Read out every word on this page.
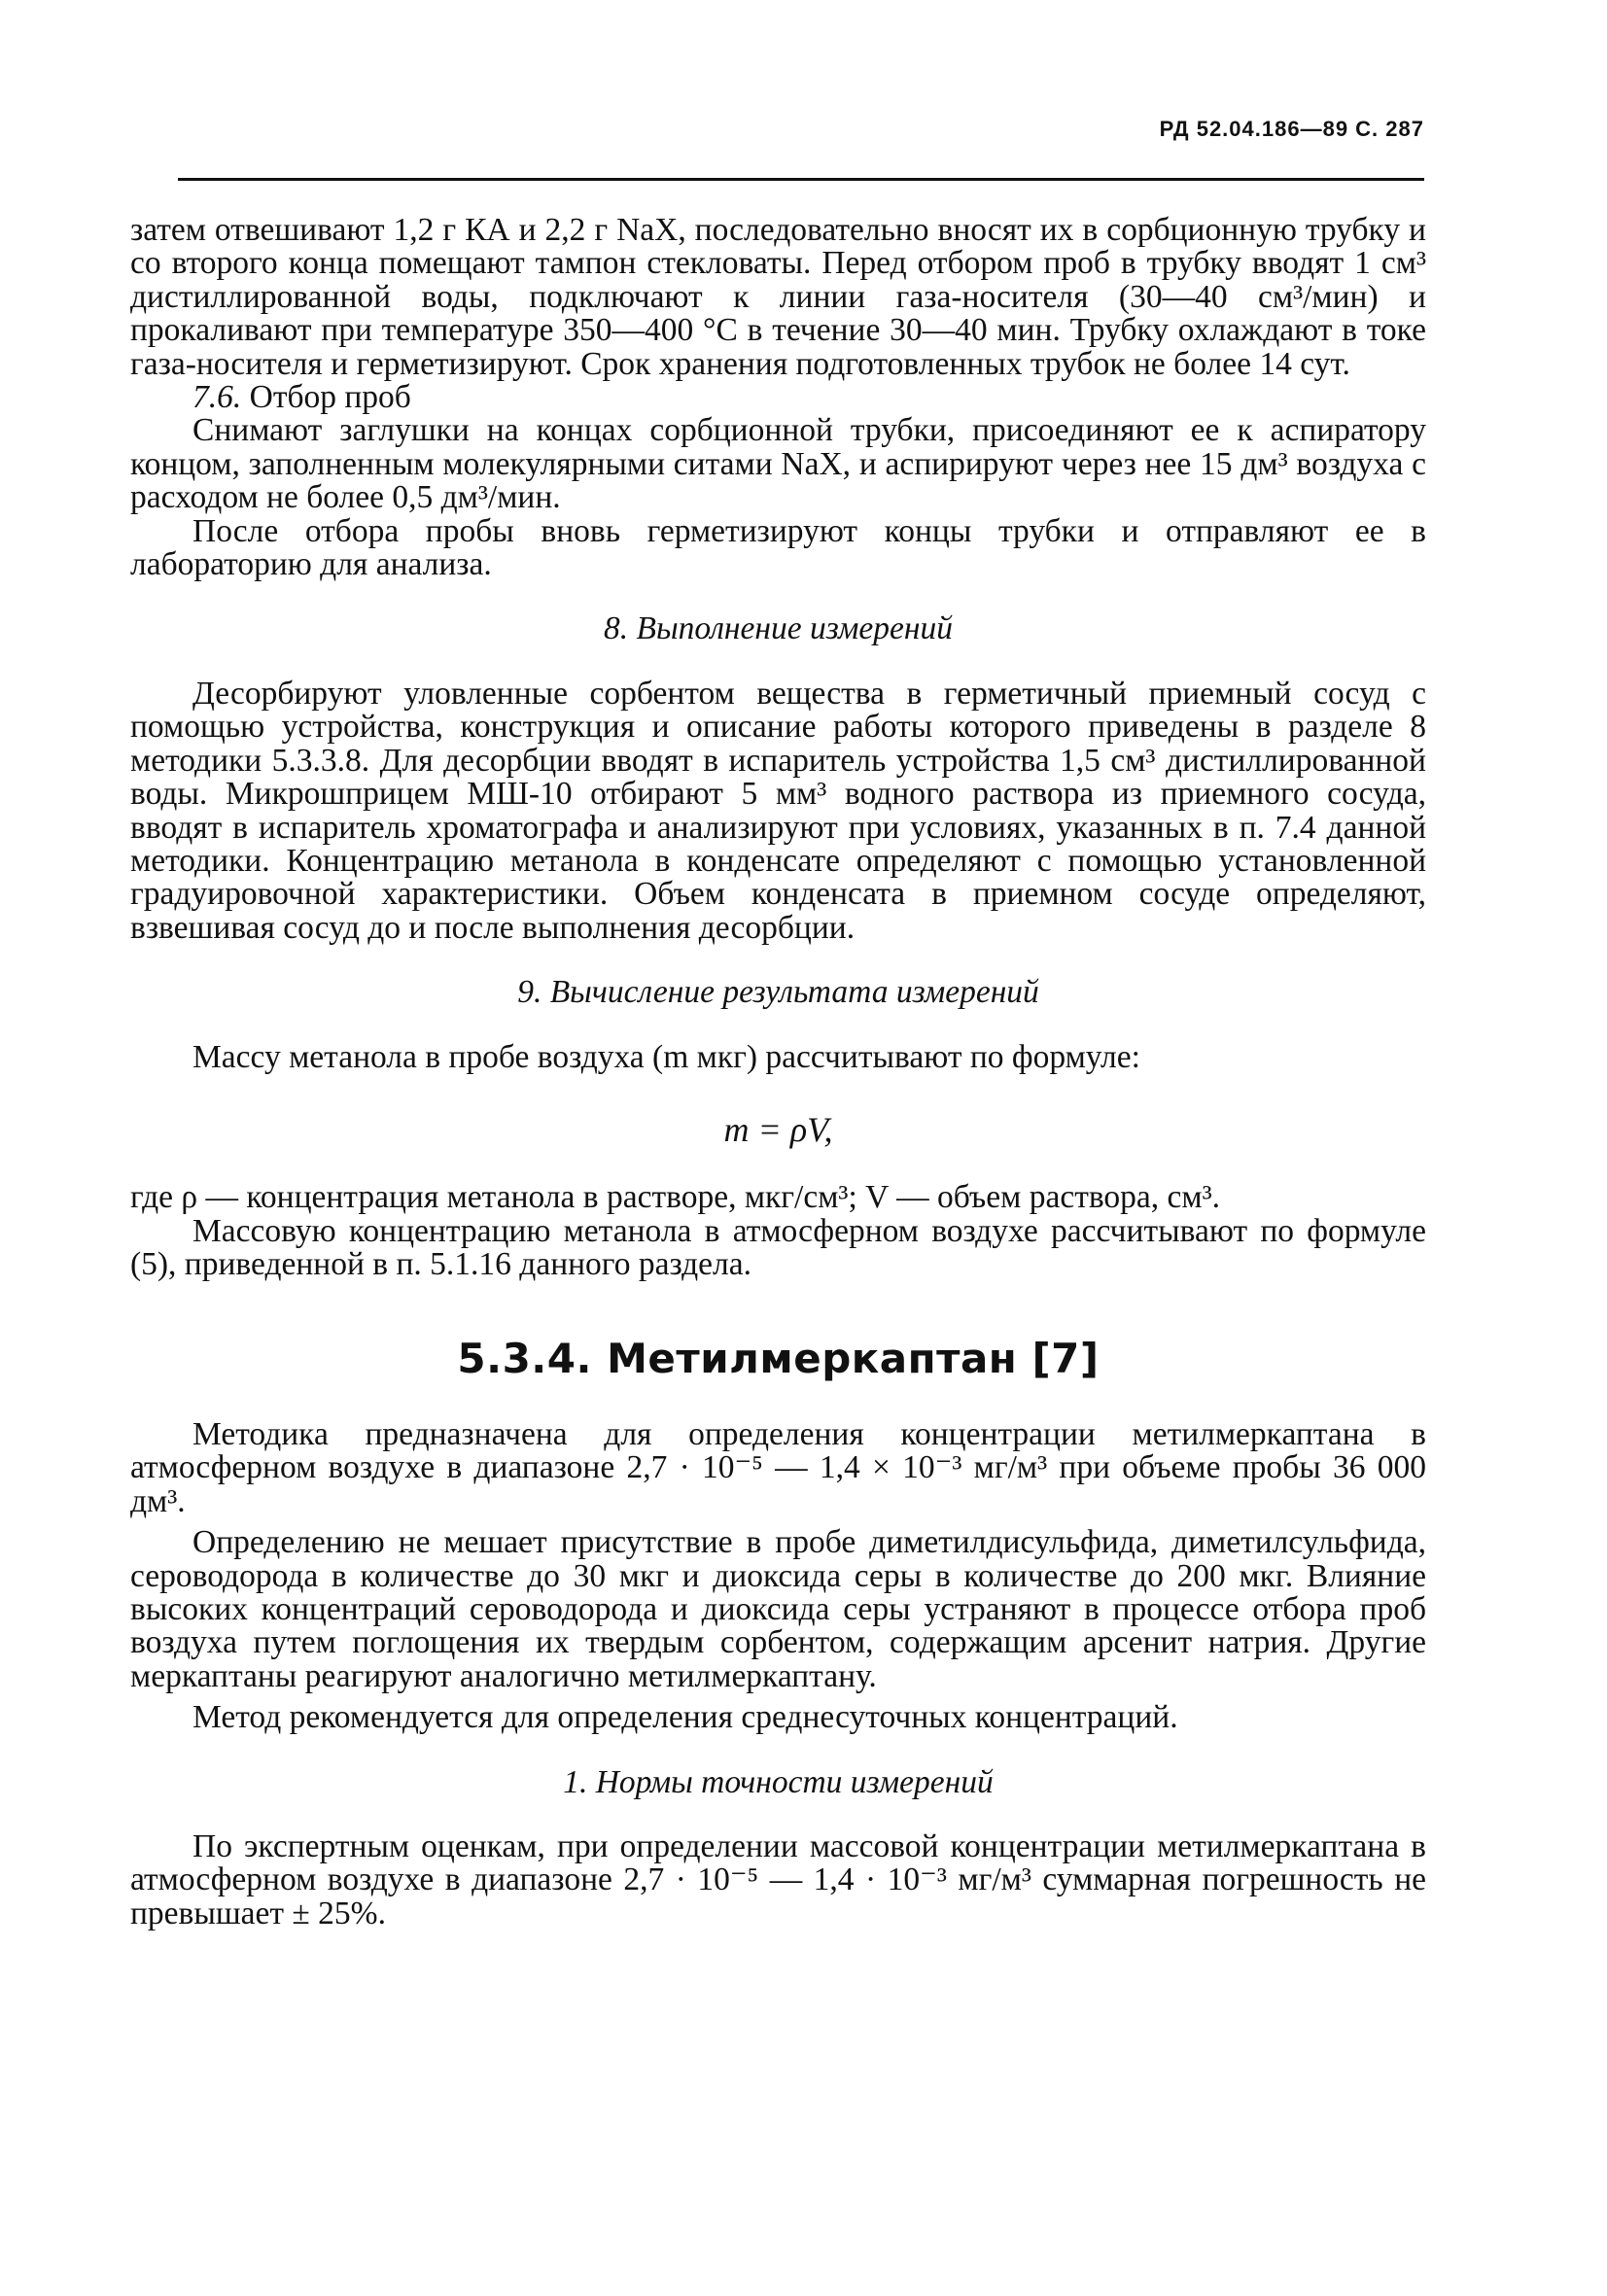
РД 52.04.186—89 С. 287

затем отвешивают 1,2 г КА и 2,2 г NaX, последовательно вносят их в сорбционную трубку и со второго конца помещают тампон стекловаты. Перед отбором проб в трубку вводят 1 см³ дистиллированной воды, подключают к линии газа-носителя (30—40 см³/мин) и прокаливают при температуре 350—400 °С в течение 30—40 мин. Трубку охлаждают в токе газа-носителя и герметизируют. Срок хранения подготовленных трубок не более 14 сут.

7.6. Отбор проб

Снимают заглушки на концах сорбционной трубки, присоединяют ее к аспиратору концом, заполненным молекулярными ситами NaX, и аспирируют через нее 15 дм³ воздуха с расходом не более 0,5 дм³/мин.

После отбора пробы вновь герметизируют концы трубки и отправляют ее в лабораторию для анализа.

8. Выполнение измерений

Десорбируют уловленные сорбентом вещества в герметичный приемный сосуд с помощью устройства, конструкция и описание работы которого приведены в разделе 8 методики 5.3.3.8. Для десорбции вводят в испаритель устройства 1,5 см³ дистиллированной воды. Микрошприцем МШ-10 отбирают 5 мм³ водного раствора из приемного сосуда, вводят в испаритель хроматографа и анализируют при условиях, указанных в п. 7.4 данной методики. Концентрацию метанола в конденсате определяют с помощью установленной градуировочной характеристики. Объем конденсата в приемном сосуде определяют, взвешивая сосуд до и после выполнения десорбции.

9. Вычисление результата измерений

Массу метанола в пробе воздуха (m мкг) рассчитывают по формуле:

m = ρV,

где ρ — концентрация метанола в растворе, мкг/см³; V — объем раствора, см³.

Массовую концентрацию метанола в атмосферном воздухе рассчитывают по формуле (5), приведенной в п. 5.1.16 данного раздела.

5.3.4. Метилмеркаптан [7]

Методика предназначена для определения концентрации метилмеркаптана в атмосферном воздухе в диапазоне 2,7 · 10⁻⁵ — 1,4 × 10⁻³ мг/м³ при объеме пробы 36 000 дм³.

Определению не мешает присутствие в пробе диметилдисульфида, диметилсульфида, сероводорода в количестве до 30 мкг и диоксида серы в количестве до 200 мкг. Влияние высоких концентраций сероводорода и диоксида серы устраняют в процессе отбора проб воздуха путем поглощения их твердым сорбентом, содержащим арсенит натрия. Другие меркаптаны реагируют аналогично метилмеркаптану.

Метод рекомендуется для определения среднесуточных концентраций.

1. Нормы точности измерений

По экспертным оценкам, при определении массовой концентрации метилмеркаптана в атмосферном воздухе в диапазоне 2,7 · 10⁻⁵ — 1,4 · 10⁻³ мг/м³ суммарная погрешность не превышает ± 25%.
